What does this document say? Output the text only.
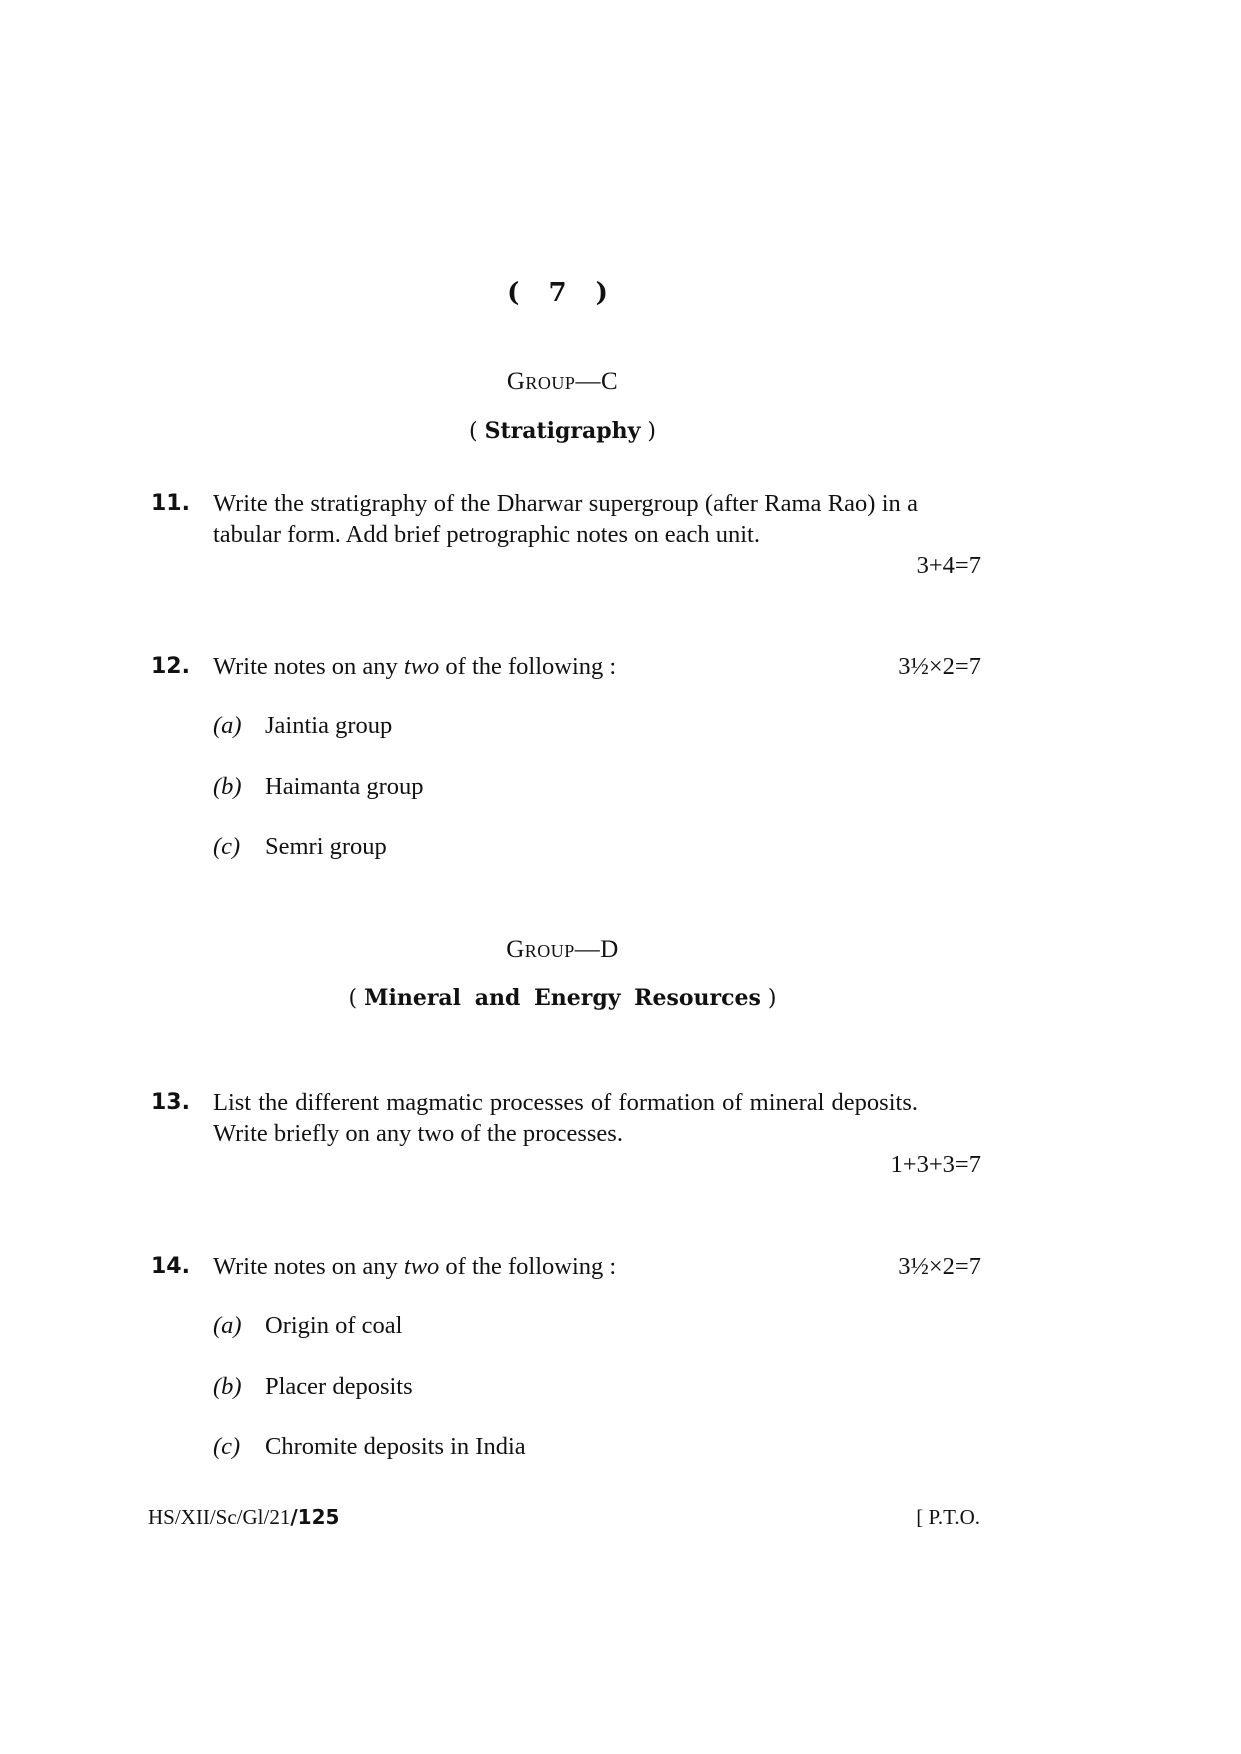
( 7 )
Group—C
( Stratigraphy )
11. Write the stratigraphy of the Dharwar supergroup (after Rama Rao) in a tabular form. Add brief petrographic notes on each unit.
3+4=7
12. Write notes on any two of the following :	3½×2=7
(a) Jaintia group
(b) Haimanta group
(c) Semri group
Group—D
( Mineral and Energy Resources )
13. List the different magmatic processes of formation of mineral deposits. Write briefly on any two of the processes.
1+3+3=7
14. Write notes on any two of the following :	3½×2=7
(a) Origin of coal
(b) Placer deposits
(c) Chromite deposits in India
HS/XII/Sc/Gl/21/125	[ P.T.O.
